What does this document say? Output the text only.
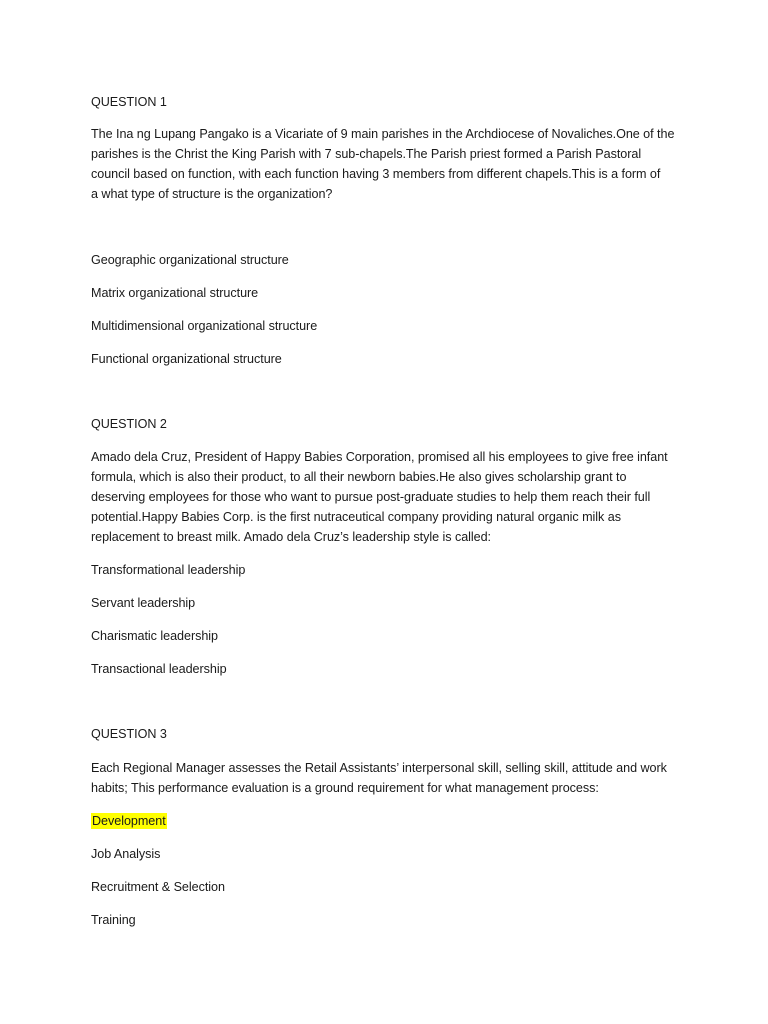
QUESTION 1
The Ina ng Lupang Pangako is a Vicariate of 9 main parishes in the Archdiocese of Novaliches.One of the
parishes is the Christ the King Parish with 7 sub-chapels.The Parish priest formed a Parish Pastoral
council based on function, with each function having 3 members from different chapels.This is a form of
a what type of structure is the organization?
Geographic organizational structure
Matrix organizational structure
Multidimensional organizational structure
Functional organizational structure
QUESTION 2
Amado dela Cruz, President of Happy Babies Corporation, promised all his employees to give free infant
formula, which is also their product, to all their newborn babies.He also gives scholarship grant to
deserving employees for those who want to pursue post-graduate studies to help them reach their full
potential.Happy Babies Corp. is the first nutraceutical company providing natural organic milk as
replacement to breast milk. Amado dela Cruz’s leadership style is called:
Transformational leadership
Servant leadership
Charismatic leadership
Transactional leadership
QUESTION 3
Each Regional Manager assesses the Retail Assistants’ interpersonal skill, selling skill, attitude and work
habits; This performance evaluation is a ground requirement for what management process:
Development
Job Analysis
Recruitment & Selection
Training
